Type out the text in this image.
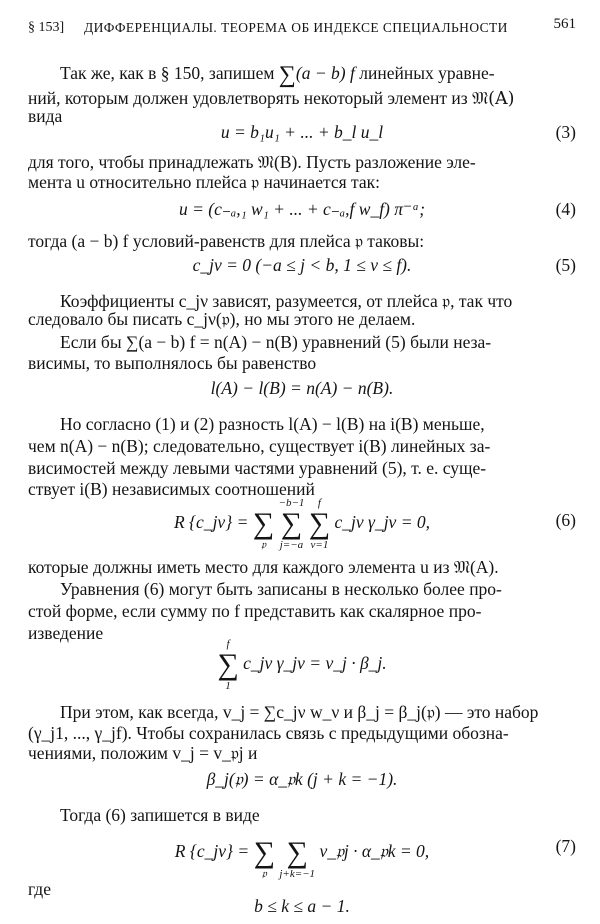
§ 153] ДИФФЕРЕНЦИАЛЫ. ТЕОРЕМА ОБ ИНДЕКСЕ СПЕЦИАЛЬНОСТИ	561
Так же, как в § 150, запишем ∑(a − b) f линейных уравне-
ний, которым должен удовлетворять некоторый элемент из 𝔐(A)
вида
u = b₁u₁ + ... + b_l u_l	(3)
для того, чтобы принадлежать 𝔐(B). Пусть разложение эле-
мента u относительно плейса 𝔭 начинается так:
u = (c₋ₐ,₁ w₁ + ... + c₋ₐ,f w_f) π⁻ᵃ;	(4)
тогда (a − b) f условий-равенств для плейса 𝔭 таковы:
c_jν = 0 (−a ≤ j < b, 1 ≤ ν ≤ f).	(5)
Коэффициенты c_jν зависят, разумеется, от плейса 𝔭, так что
следовало бы писать c_jν(𝔭), но мы этого не делаем.
Если бы ∑(a − b) f = n(A) − n(B) уравнений (5) были неза-
висимы, то выполнялось бы равенство
l(A) − l(B) = n(A) − n(B).
Но согласно (1) и (2) разность l(A) − l(B) на i(B) меньше,
чем n(A) − n(B); следовательно, существует i(B) линейных за-
висимостей между левыми частями уравнений (5), т. е. суще-
ствует i(B) независимых соотношений
R {c_jν} =
∑
𝔭

−b−1
∑
j=−a

f
∑
ν=1
c_jν γ_jν = 0,	(6)
которые должны иметь место для каждого элемента u из 𝔐(A).
Уравнения (6) могут быть записаны в несколько более про-
стой форме, если сумму по f представить как скалярное про-
изведение
f
∑
1
c_jν γ_jν = v_j · β_j.
При этом, как всегда, v_j = ∑c_jν w_ν и β_j = β_j(𝔭) — это набор
(γ_j1, ..., γ_jf). Чтобы сохранилась связь с предыдущими обозна-
чениями, положим v_j = v_𝔭j и
β_j(𝔭) = α_𝔭k (j + k = −1).
Тогда (6) запишется в виде
R {c_jν} =
∑
𝔭

∑
j+k=−1
v_𝔭j · α_𝔭k = 0,	(7)
где
b ≤ k ≤ a − 1.
